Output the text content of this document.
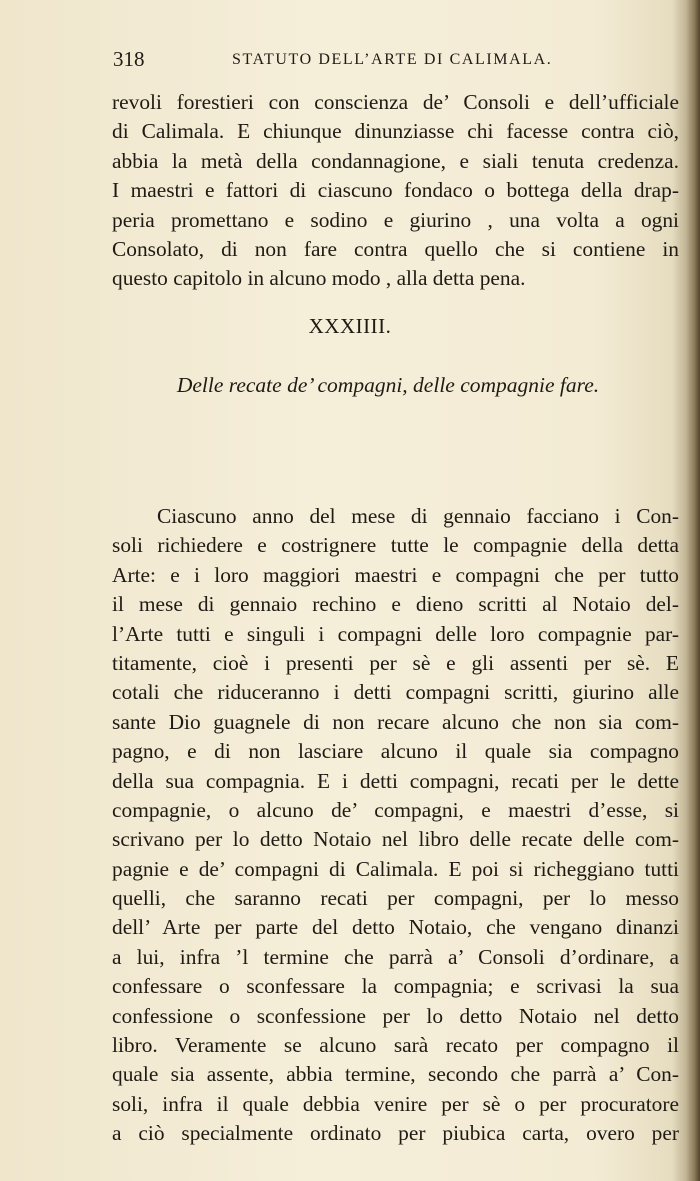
318	STATUTO DELL’ARTE DI CALIMALA.
revoli forestieri con conscienza de’ Consoli e dell’ufficiale
di Calimala. E chiunque dinunziasse chi facesse contra ciò,
abbia la metà della condannagione, e siali tenuta credenza.
I maestri e fattori di ciascuno fondaco o bottega della drap-
peria promettano e sodino e giurino , una volta a ogni
Consolato, di non fare contra quello che si contiene in
questo capitolo in alcuno modo , alla detta pena.

XXXIIII.

Delle recate de’ compagni, delle compagnie fare.

Ciascuno anno del mese di gennaio facciano i Con-
soli richiedere e costrignere tutte le compagnie della detta
Arte: e i loro maggiori maestri e compagni che per tutto
il mese di gennaio rechino e dieno scritti al Notaio del-
l’Arte tutti e singuli i compagni delle loro compagnie par-
titamente, cioè i presenti per sè e gli assenti per sè. E
cotali che riduceranno i detti compagni scritti, giurino alle
sante Dio guagnele di non recare alcuno che non sia com-
pagno, e di non lasciare alcuno il quale sia compagno
della sua compagnia. E i detti compagni, recati per le dette
compagnie, o alcuno de’ compagni, e maestri d’esse, si
scrivano per lo detto Notaio nel libro delle recate delle com-
pagnie e de’ compagni di Calimala. E poi si richeggiano tutti
quelli, che saranno recati per compagni, per lo messo
dell’ Arte per parte del detto Notaio, che vengano dinanzi
a lui, infra ’l termine che parrà a’ Consoli d’ordinare, a
confessare o sconfessare la compagnia; e scrivasi la sua
confessione o sconfessione per lo detto Notaio nel detto
libro. Veramente se alcuno sarà recato per compagno il
quale sia assente, abbia termine, secondo che parrà a’ Con-
soli, infra il quale debbia venire per sè o per procuratore
a ciò specialmente ordinato per piubica carta, overo per
